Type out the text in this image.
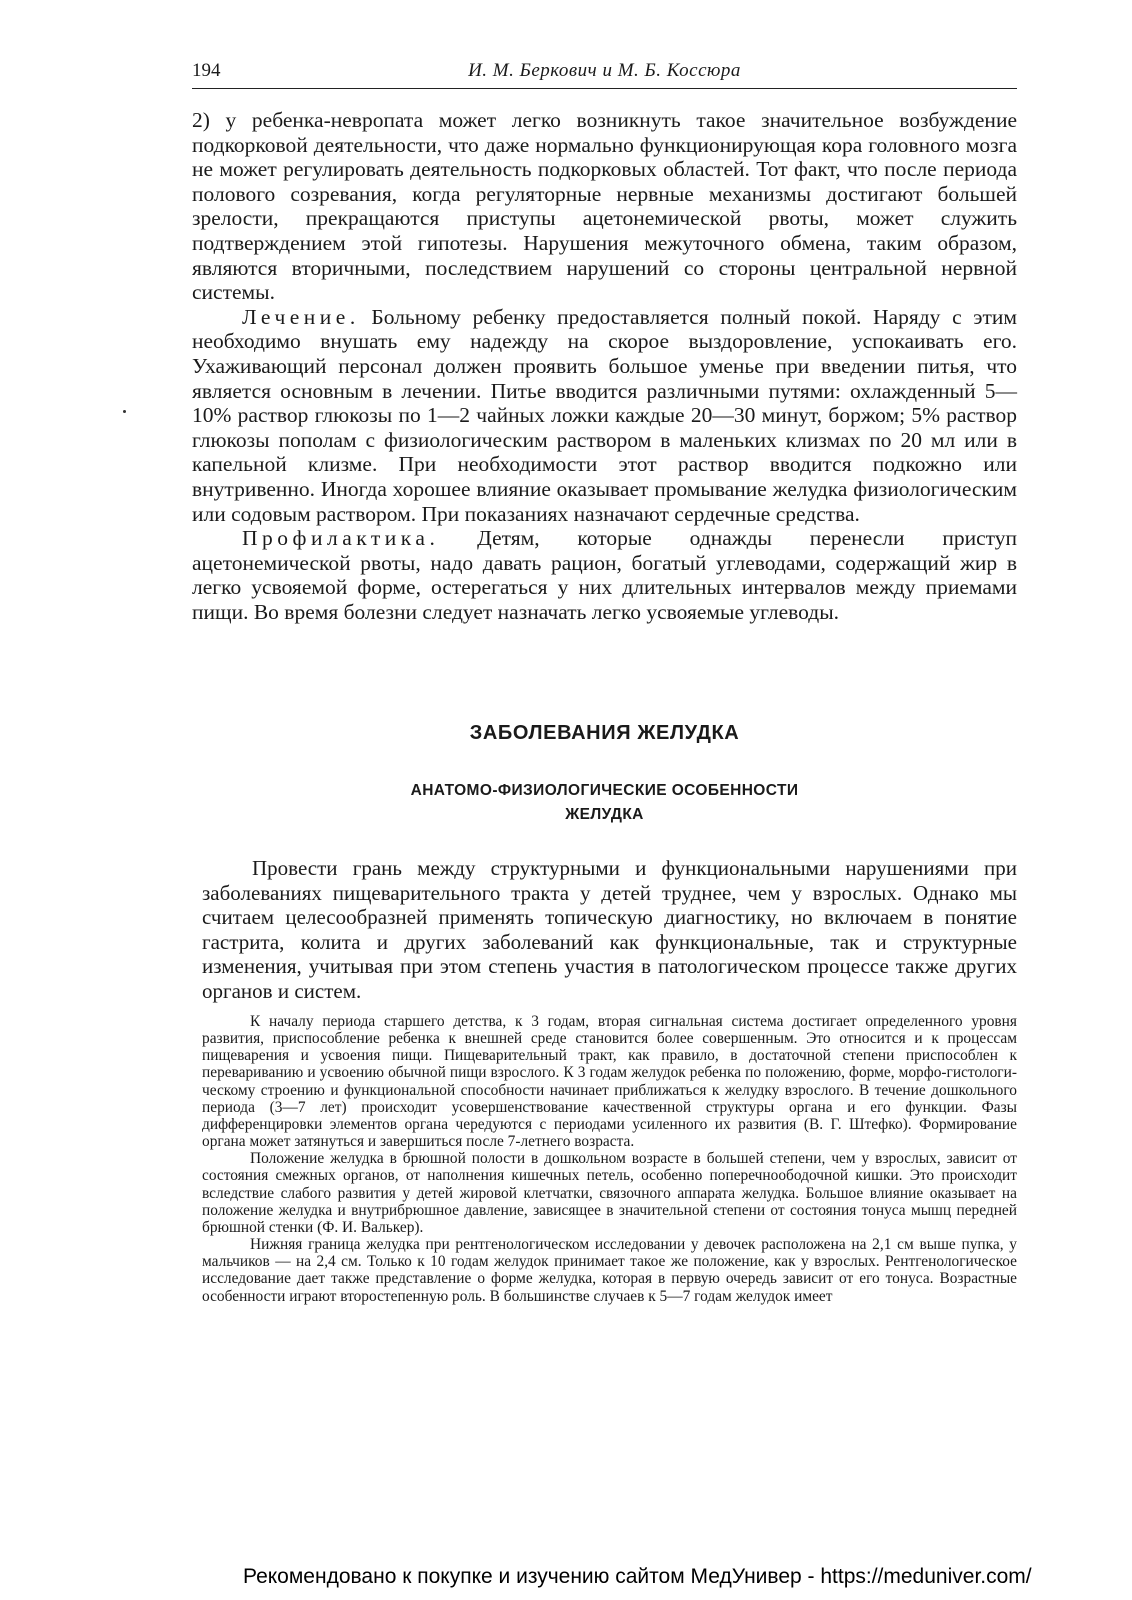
194	И. М. Беркович и М. Б. Коссюра

2) у ребенка-невропата может легко возникнуть такое значительное возбуждение подкорковой деятельности, что даже нормально функционирующая кора головного мозга не может регулировать деятельность подкорковых областей. Тот факт, что после периода полового созревания, когда регуляторные нервные механизмы достигают большей зрелости, прекращаются приступы ацетонемической рвоты, может служить подтверждением этой гипотезы. Нарушения межуточного обмена, таким образом, являются вторичными, последствием нарушений со стороны центральной нервной системы.

Лечение. Больному ребенку предоставляется полный покой. Наряду с этим необходимо внушать ему надежду на скорое выздоровление, успокаивать его. Ухаживающий персонал должен проявить большое уменье при введении питья, что является основным в лечении. Питье вводится различными путями: охлажденный 5—10% раствор глюкозы по 1—2 чайных ложки каждые 20—30 минут, боржом; 5% раствор глюкозы пополам с физиологическим раствором в маленьких клизмах по 20 мл или в капельной клизме. При необходимости этот раствор вводится подкожно или внутривенно. Иногда хорошее влияние оказывает промывание желудка физиологическим или содовым раствором. При показаниях назначают сердечные средства.

Профилактика. Детям, которые однажды перенесли приступ ацетонемической рвоты, надо давать рацион, богатый углеводами, содержащий жир в легко усвояемой форме, остерегаться у них длительных интервалов между приемами пищи. Во время болезни следует назначать легко усвояемые углеводы.

ЗАБОЛЕВАНИЯ ЖЕЛУДКА
АНАТОМО-ФИЗИОЛОГИЧЕСКИЕ ОСОБЕННОСТИ
ЖЕЛУДКА

Провести грань между структурными и функциональными нарушениями при заболеваниях пищеварительного тракта у детей труднее, чем у взрослых. Однако мы считаем целесообразней применять топическую диагностику, но включаем в понятие гастрита, колита и других заболеваний как функциональные, так и структурные изменения, учитывая при этом степень участия в патологическом процессе также других органов и систем.

К началу периода старшего детства, к 3 годам, вторая сигнальная система достигает определенного уровня развития, приспособление ребенка к внешней среде становится более совершенным. Это относится и к процессам пищеварения и усвоения пищи. Пищеварительный тракт, как правило, в достаточной степени приспособлен к перевариванию и усвоению обычной пищи взрослого. К 3 годам желудок ребенка по положению, форме, морфо-гистологическому строению и функциональной способности начинает приближаться к желудку взрослого. В течение дошкольного периода (3—7 лет) происходит усовершенствование качественной структуры органа и его функции. Фазы дифференцировки элементов органа чередуются с периодами усиленного их развития (В. Г. Штефко). Формирование органа может затянуться и завершиться после 7-летнего возраста.

Положение желудка в брюшной полости в дошкольном возрасте в большей степени, чем у взрослых, зависит от состояния смежных органов, от наполнения кишечных петель, особенно поперечноободочной кишки. Это происходит вследствие слабого развития у детей жировой клетчатки, связочного аппарата желудка. Большое влияние оказывает на положение желудка и внутрибрюшное давление, зависящее в значительной степени от состояния тонуса мышц передней брюшной стенки (Ф. И. Валькер).

Нижняя граница желудка при рентгенологическом исследовании у девочек расположена на 2,1 см выше пупка, у мальчиков — на 2,4 см. Только к 10 годам желудок принимает такое же положение, как у взрослых. Рентгенологическое исследование дает также представление о форме желудка, которая в первую очередь зависит от его тонуса. Возрастные особенности играют второстепенную роль. В большинстве случаев к 5—7 годам желудок имеет

Рекомендовано к покупке и изучению сайтом МедУнивер - https://meduniver.com/
